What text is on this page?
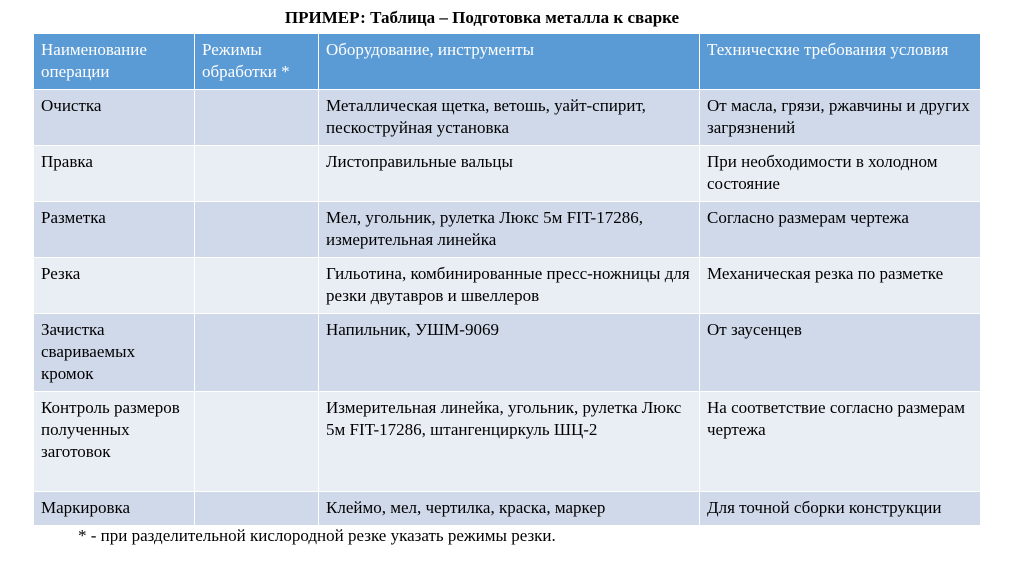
ПРИМЕР: Таблица – Подготовка металла к сварке
Наименование операции	Режимы обработки *	Оборудование, инструменты	Технические требования условия
Очистка		Металлическая щетка, ветошь, уайт-спирит, пескоструйная установка	От масла, грязи, ржавчины и других загрязнений
Правка		Листоправильные вальцы	При необходимости в холодном состояние
Разметка		Мел, угольник, рулетка Люкс 5м FIT-17286, измерительная линейка	Согласно размерам чертежа
Резка		Гильотина, комбинированные пресс-ножницы для резки двутавров и швеллеров	Механическая резка по разметке
Зачистка свариваемых кромок		Напильник, УШМ-9069	От заусенцев
Контроль размеров полученных заготовок		Измерительная линейка, угольник, рулетка Люкс 5м FIT-17286, штангенциркуль ШЦ-2	На соответствие согласно размерам чертежа
Маркировка		Клеймо, мел, чертилка, краска, маркер	Для точной сборки конструкции
* - при разделительной кислородной резке указать режимы резки.
